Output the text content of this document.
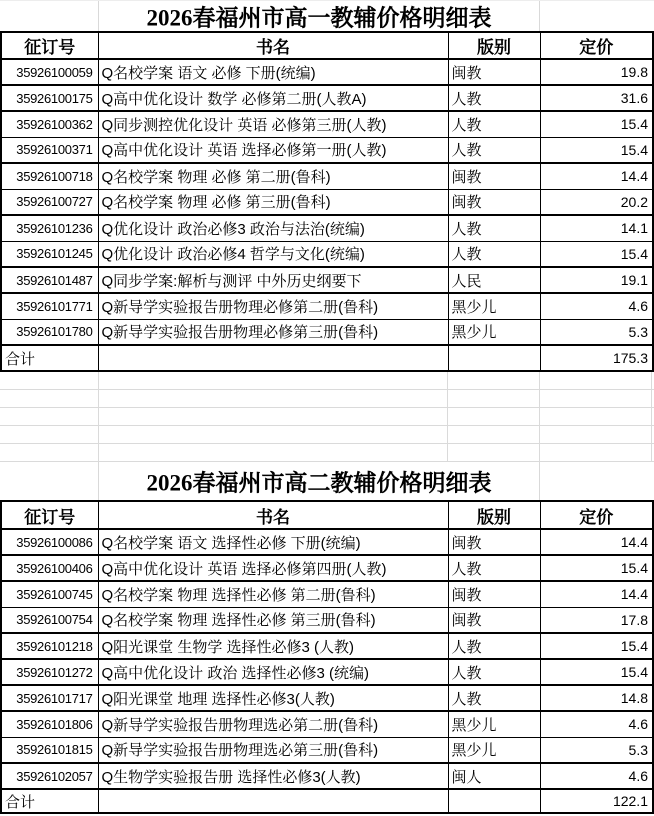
2026春福州市高一教辅价格明细表
征订号	书名	版别	定价
35926100059	Q名校学案 语文 必修 下册(统编)	闽教	19.8
35926100175	Q高中优化设计 数学 必修第二册(人教A)	人教	31.6
35926100362	Q同步测控优化设计 英语 必修第三册(人教)	人教	15.4
35926100371	Q高中优化设计 英语 选择必修第一册(人教)	人教	15.4
35926100718	Q名校学案 物理 必修 第二册(鲁科)	闽教	14.4
35926100727	Q名校学案 物理 必修 第三册(鲁科)	闽教	20.2
35926101236	Q优化设计 政治必修3 政治与法治(统编)	人教	14.1
35926101245	Q优化设计 政治必修4 哲学与文化(统编)	人教	15.4
35926101487	Q同步学案:解析与测评 中外历史纲要下	人民	19.1
35926101771	Q新导学实验报告册物理必修第二册(鲁科)	黑少儿	4.6
35926101780	Q新导学实验报告册物理必修第三册(鲁科)	黑少儿	5.3
合计			175.3
2026春福州市高二教辅价格明细表
征订号	书名	版别	定价
35926100086	Q名校学案 语文 选择性必修 下册(统编)	闽教	14.4
35926100406	Q高中优化设计 英语 选择必修第四册(人教)	人教	15.4
35926100745	Q名校学案 物理 选择性必修 第二册(鲁科)	闽教	14.4
35926100754	Q名校学案 物理 选择性必修 第三册(鲁科)	闽教	17.8
35926101218	Q阳光课堂 生物学 选择性必修3 (人教)	人教	15.4
35926101272	Q高中优化设计 政治 选择性必修3 (统编)	人教	15.4
35926101717	Q阳光课堂 地理 选择性必修3(人教)	人教	14.8
35926101806	Q新导学实验报告册物理选必第二册(鲁科)	黑少儿	4.6
35926101815	Q新导学实验报告册物理选必第三册(鲁科)	黑少儿	5.3
35926102057	Q生物学实验报告册 选择性必修3(人教)	闽人	4.6
合计			122.1
